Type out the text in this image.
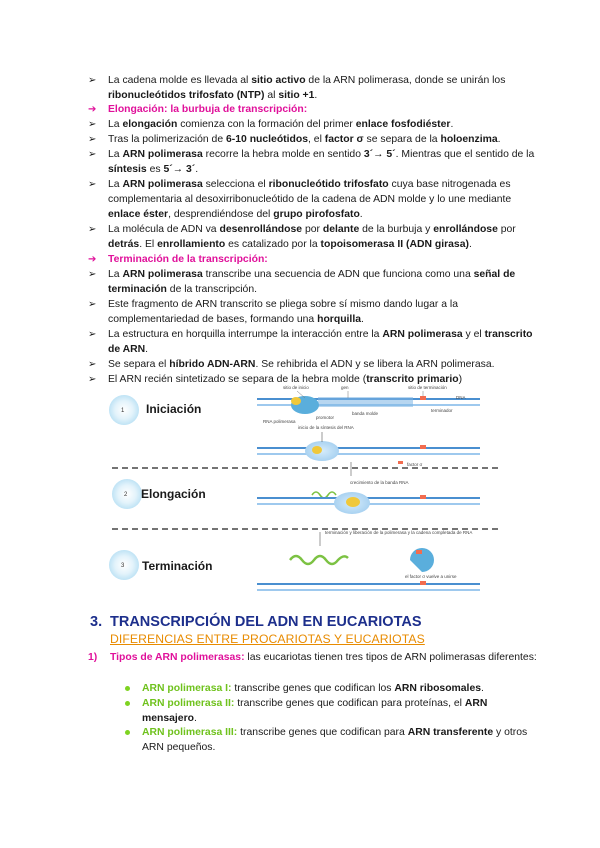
➢ La cadena molde es llevada al sitio activo de la ARN polimerasa, donde se unirán los ribonucleótidos trifosfato (NTP) al sitio +1.
➔ Elongación: la burbuja de transcripción:
➢ La elongación comienza con la formación del primer enlace fosfodiéster.
➢ Tras la polimerización de 6-10 nucleótidos, el factor σ se separa de la holoenzima.
➢ La ARN polimerasa recorre la hebra molde en sentido 3´→ 5´. Mientras que el sentido de la síntesis es 5´→ 3´.
➢ La ARN polimerasa selecciona el ribonucleótido trifosfato cuya base nitrogenada es complementaria al desoxirribonucleótido de la cadena de ADN molde y lo une mediante enlace éster, desprendiéndose del grupo pirofosfato.
➢ La molécula de ADN va desenrollándose por delante de la burbuja y enrollándose por detrás. El enrollamiento es catalizado por la topoisomerasa II (ADN girasa).
➔ Terminación de la transcripción:
➢ La ARN polimerasa transcribe una secuencia de ADN que funciona como una señal de terminación de la transcripción.
➢ Este fragmento de ARN transcrito se pliega sobre sí mismo dando lugar a la complementariedad de bases, formando una horquilla.
➢ La estructura en horquilla interrumpe la interacción entre la ARN polimerasa y el transcrito de ARN.
➢ Se separa el híbrido ADN-ARN. Se rehibrida el ADN y se libera la ARN polimerasa.
➢ El ARN recién sintetizado se separa de la hebra molde (transcrito primario)
1 Iniciación
2 Elongación
3 Terminación
sitio de inicio	gen	sitio de terminación
DNA
RNA polimerasa
promotor
banda molde
terminador
inicio de la síntesis del RNA
factor σ
crecimiento de la banda RNA
terminación y liberación de la polimerasa y la cadena completada de RNA
el factor σ vuelve a unirse
3. TRANSCRIPCIÓN DEL ADN EN EUCARIOTAS
DIFERENCIAS ENTRE PROCARIOTAS Y EUCARIOTAS
1) Tipos de ARN polimerasas: las eucariotas tienen tres tipos de ARN polimerasas diferentes:
ARN polimerasa I: transcribe genes que codifican los ARN ribosomales.
ARN polimerasa II: transcribe genes que codifican para proteínas, el ARN mensajero.
ARN polimerasa III: transcribe genes que codifican para ARN transferente y otros ARN pequeños.
